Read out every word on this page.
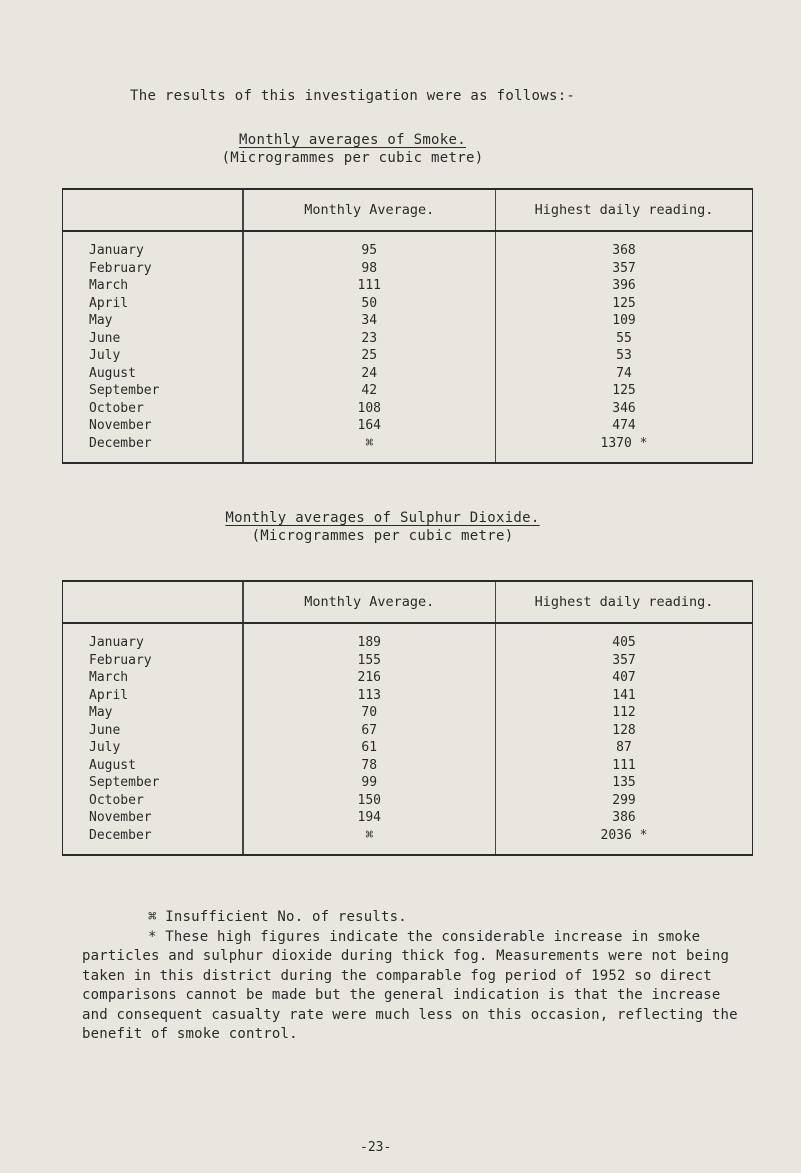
The results of this investigation were as follows:-
Monthly averages of Smoke.
(Microgrammes per cubic metre)
	Monthly Average.	Highest daily reading.
January	95	368
February	98	357
March	111	396
April	50	125
May	34	109
June	23	55
July	25	53
August	24	74
September	42	125
October	108	346
November	164	474
December	⌘	1370 *
Monthly averages of Sulphur Dioxide.
(Microgrammes per cubic metre)
	Monthly Average.	Highest daily reading.
January	189	405
February	155	357
March	216	407
April	113	141
May	70	112
June	67	128
July	61	87
August	78	111
September	99	135
October	150	299
November	194	386
December	⌘	2036 *

⌘ Insufficient No. of results.

* These high figures indicate the considerable increase in smoke particles and sulphur dioxide during thick fog. Measurements were not being taken in this district during the comparable fog period of 1952 so direct comparisons cannot be made but the general indication is that the increase and consequent casualty rate were much less on this occasion, reflecting the benefit of smoke control.

-23-
